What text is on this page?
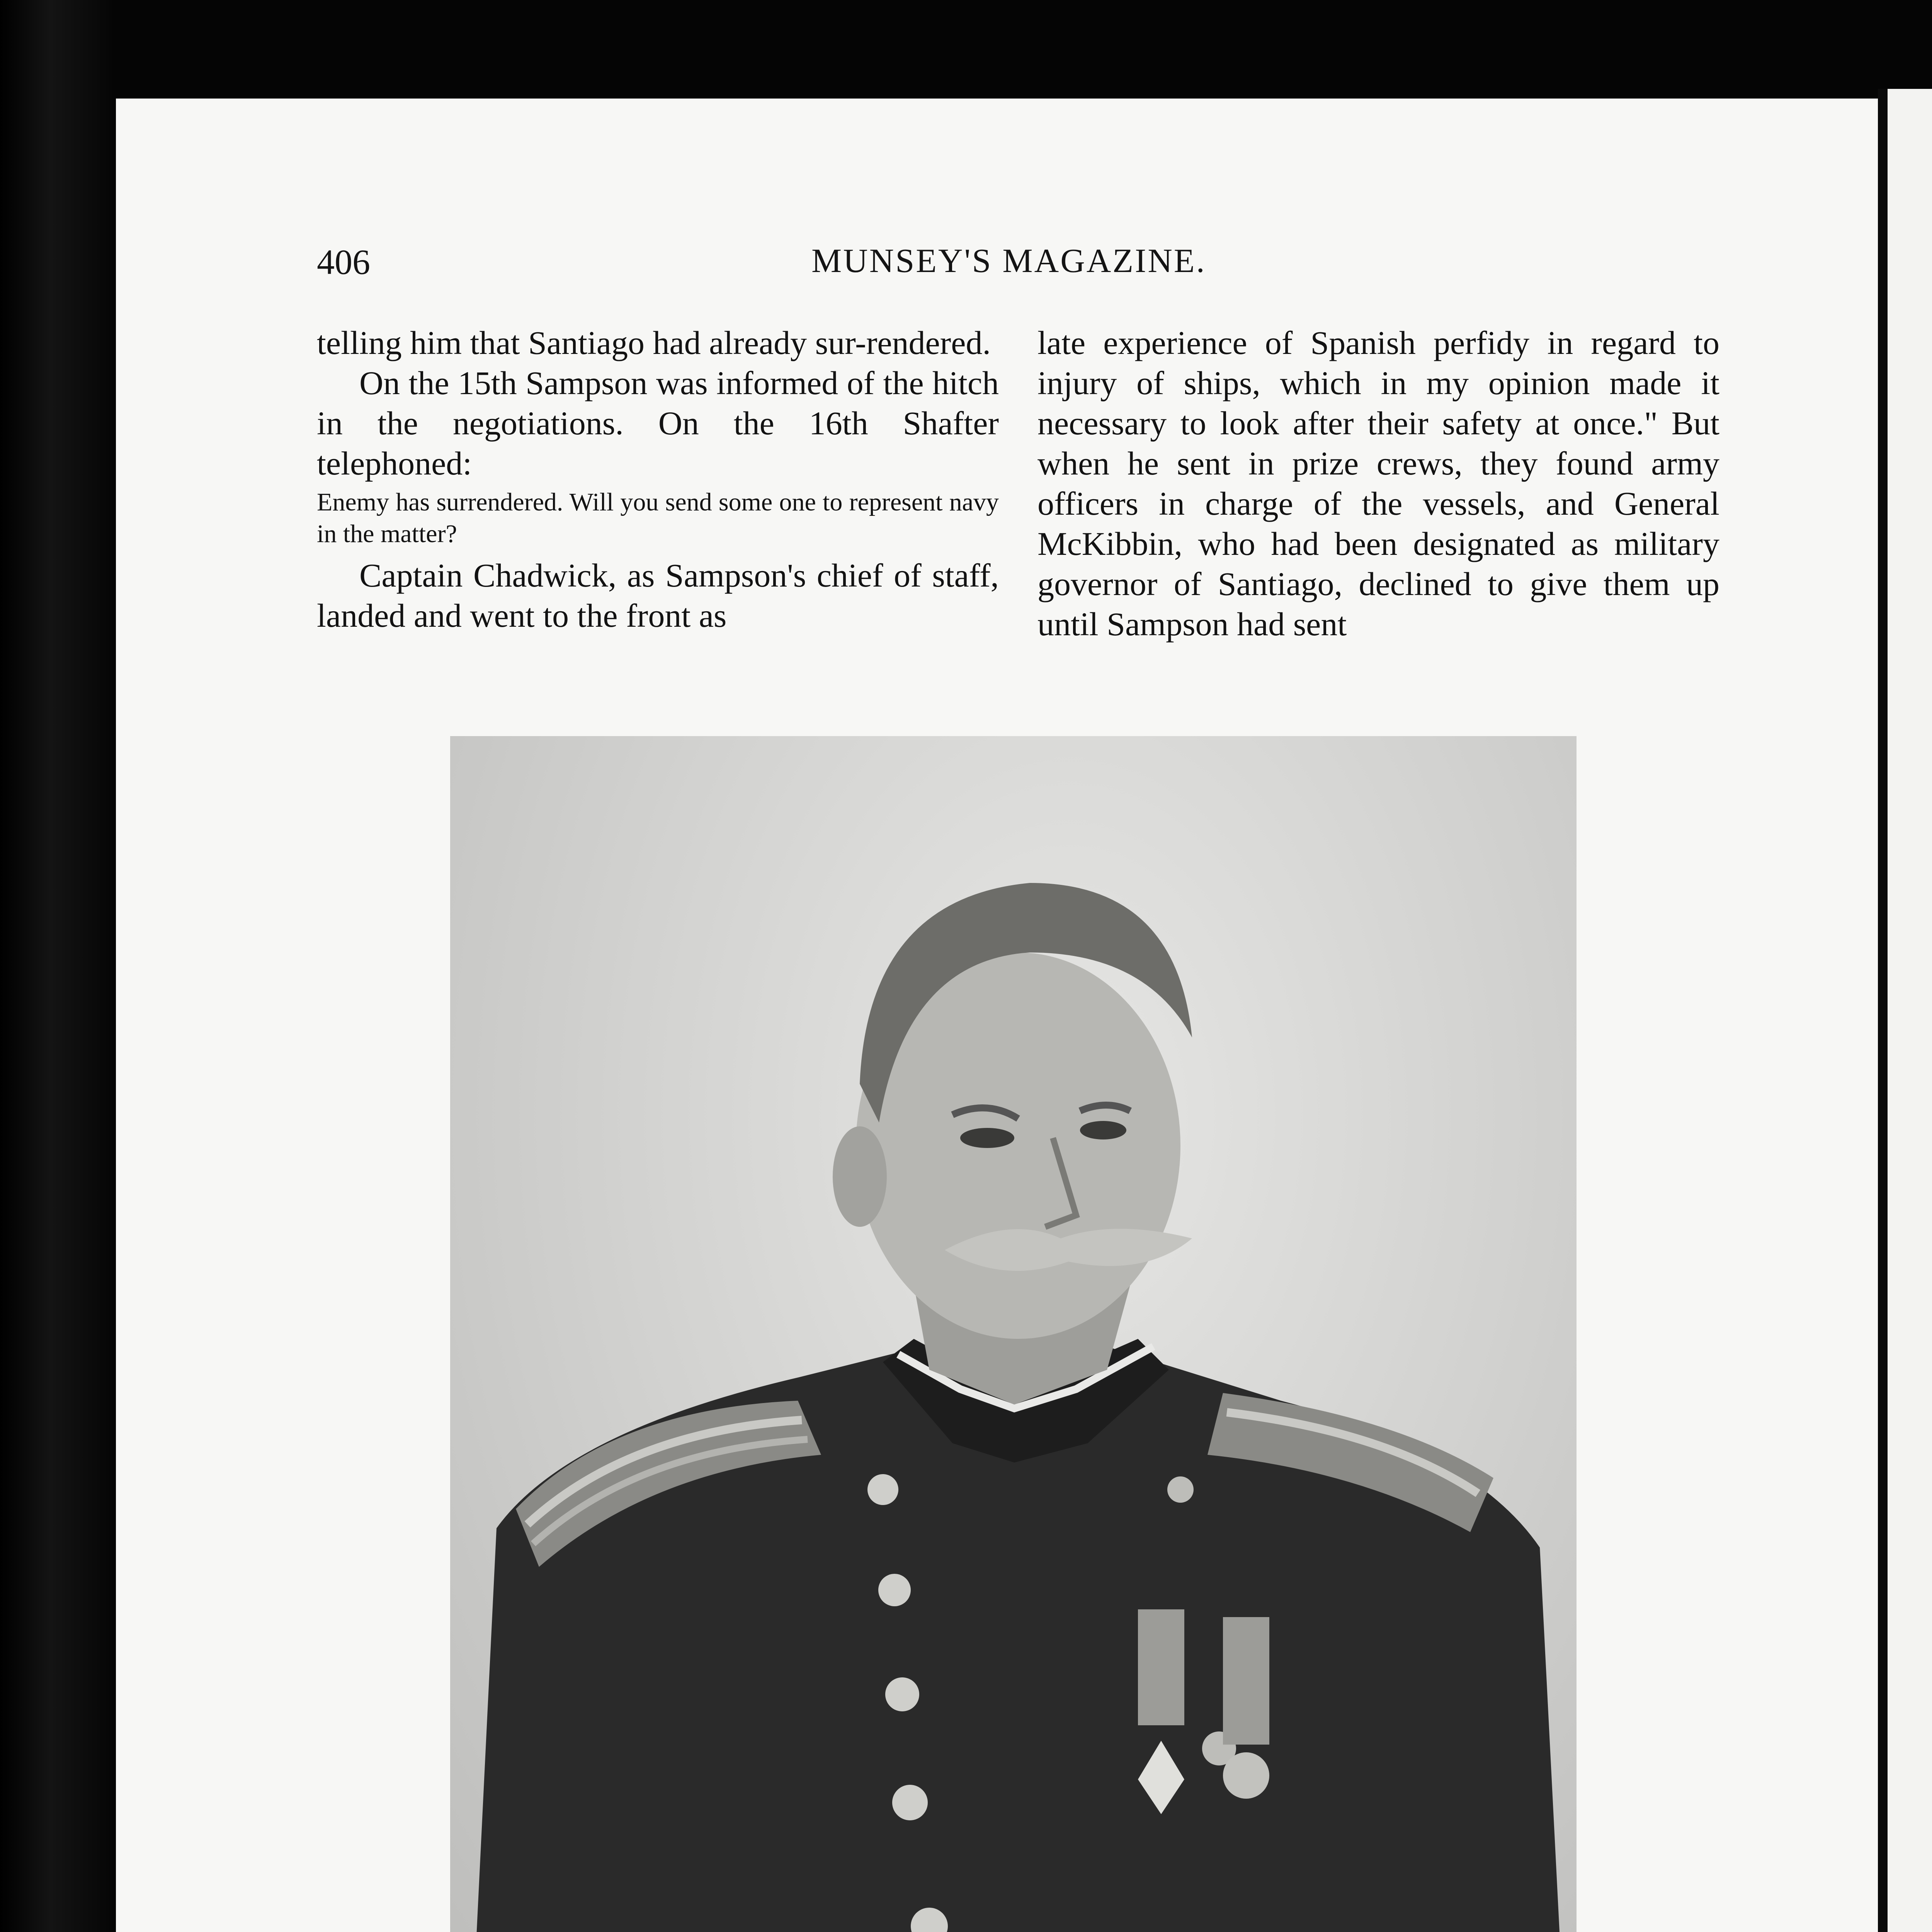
406	MUNSEY'S MAGAZINE.

telling him that Santiago had already sur-rendered.

On the 15th Sampson was informed of the hitch in the negotiations. On the 16th Shafter telephoned:

Enemy has surrendered. Will you send some one to represent navy in the matter?

Captain Chadwick, as Sampson's chief of staff, landed and went to the front as

late experience of Spanish perfidy in regard to injury of ships, which in my opinion made it necessary to look after their safety at once." But when he sent in prize crews, they found army officers in charge of the vessels, and General McKibbin, who had been designated as military governor of Santiago, declined to give them up until Sampson had sent
